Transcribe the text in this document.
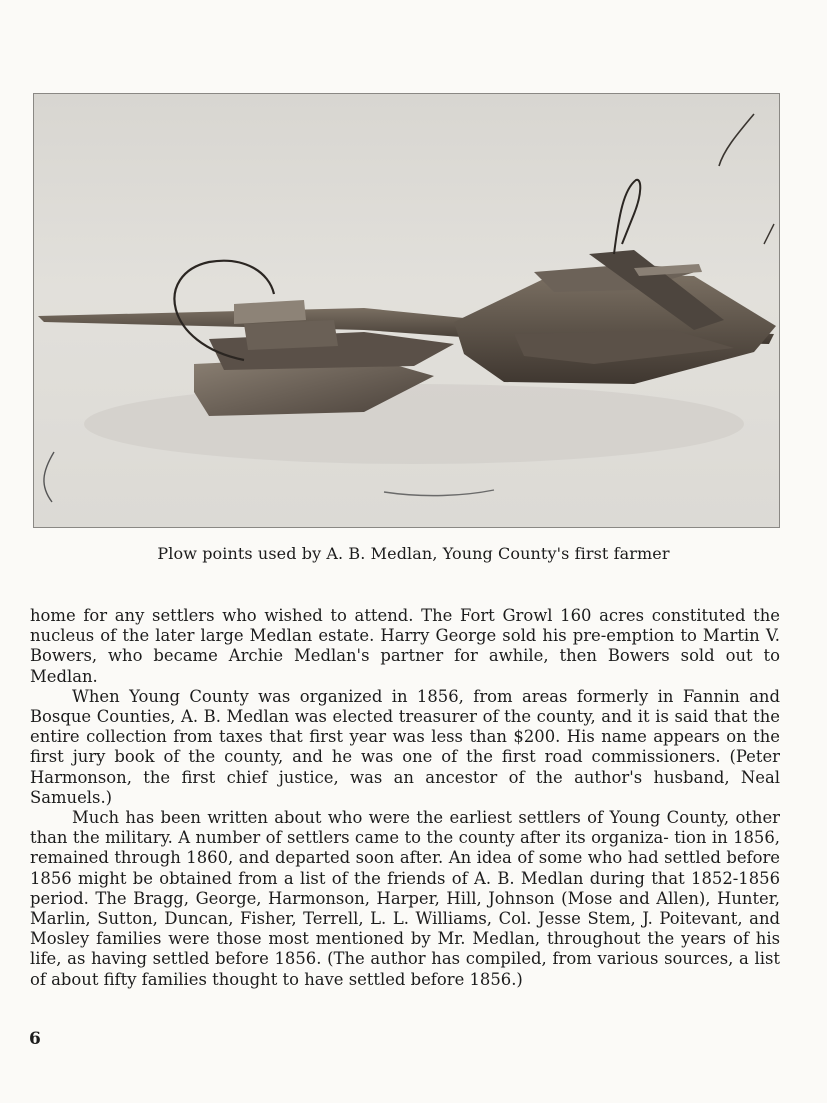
Plow points used by A. B. Medlan, Young County's first farmer

home for any settlers who wished to attend. The Fort Growl 160 acres constituted the nucleus of the later large Medlan estate. Harry George sold his pre-emption to Martin V. Bowers, who became Archie Medlan's partner for awhile, then Bowers sold out to Medlan.

When Young County was organized in 1856, from areas formerly in Fannin and Bosque Counties, A. B. Medlan was elected treasurer of the county, and it is said that the entire collection from taxes that first year was less than $200. His name appears on the first jury book of the county, and he was one of the first road commissioners. (Peter Harmonson, the first chief justice, was an ancestor of the author's husband, Neal Samuels.)

Much has been written about who were the earliest settlers of Young County, other than the military. A number of settlers came to the county after its organiza- tion in 1856, remained through 1860, and departed soon after. An idea of some who had settled before 1856 might be obtained from a list of the friends of A. B. Medlan during that 1852-1856 period. The Bragg, George, Harmonson, Harper, Hill, Johnson (Mose and Allen), Hunter, Marlin, Sutton, Duncan, Fisher, Terrell, L. L. Williams, Col. Jesse Stem, J. Poitevant, and Mosley families were those most mentioned by Mr. Medlan, throughout the years of his life, as having settled before 1856. (The author has compiled, from various sources, a list of about fifty families thought to have settled before 1856.)

6
